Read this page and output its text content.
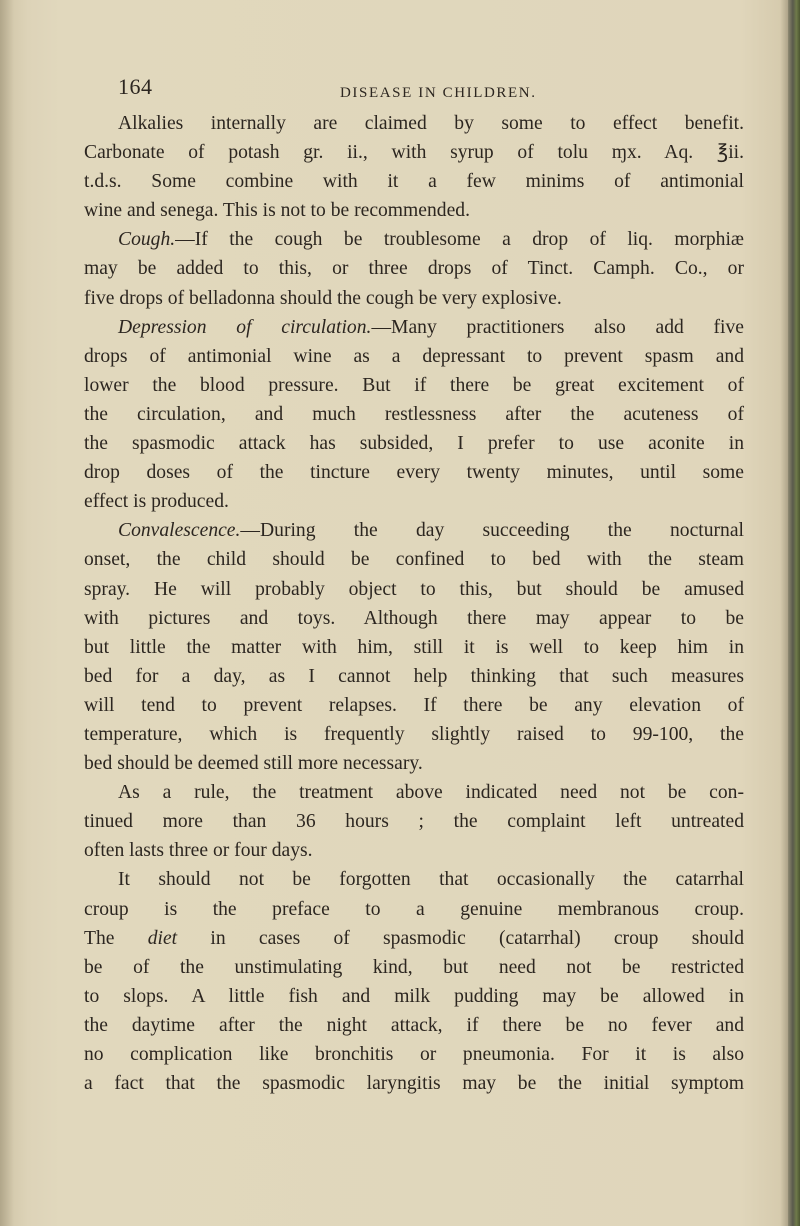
164	DISEASE IN CHILDREN.
Alkalies internally are claimed by some to effect benefit.
Carbonate of potash gr. ii., with syrup of tolu ɱx. Aq. ℥ii.
t.d.s. Some combine with it a few minims of antimonial
wine and senega. This is not to be recommended.
Cough.—If the cough be troublesome a drop of liq. morphiæ
may be added to this, or three drops of Tinct. Camph. Co., or
five drops of belladonna should the cough be very explosive.
Depression of circulation.—Many practitioners also add five
drops of antimonial wine as a depressant to prevent spasm and
lower the blood pressure. But if there be great excitement of
the circulation, and much restlessness after the acuteness of
the spasmodic attack has subsided, I prefer to use aconite in
drop doses of the tincture every twenty minutes, until some
effect is produced.
Convalescence.—During the day succeeding the nocturnal
onset, the child should be confined to bed with the steam
spray. He will probably object to this, but should be amused
with pictures and toys. Although there may appear to be
but little the matter with him, still it is well to keep him in
bed for a day, as I cannot help thinking that such measures
will tend to prevent relapses. If there be any elevation of
temperature, which is frequently slightly raised to 99-100, the
bed should be deemed still more necessary.
As a rule, the treatment above indicated need not be con-
tinued more than 36 hours ; the complaint left untreated
often lasts three or four days.
It should not be forgotten that occasionally the catarrhal
croup is the preface to a genuine membranous croup.
The diet in cases of spasmodic (catarrhal) croup should
be of the unstimulating kind, but need not be restricted
to slops. A little fish and milk pudding may be allowed in
the daytime after the night attack, if there be no fever and
no complication like bronchitis or pneumonia. For it is also
a fact that the spasmodic laryngitis may be the initial symptom
